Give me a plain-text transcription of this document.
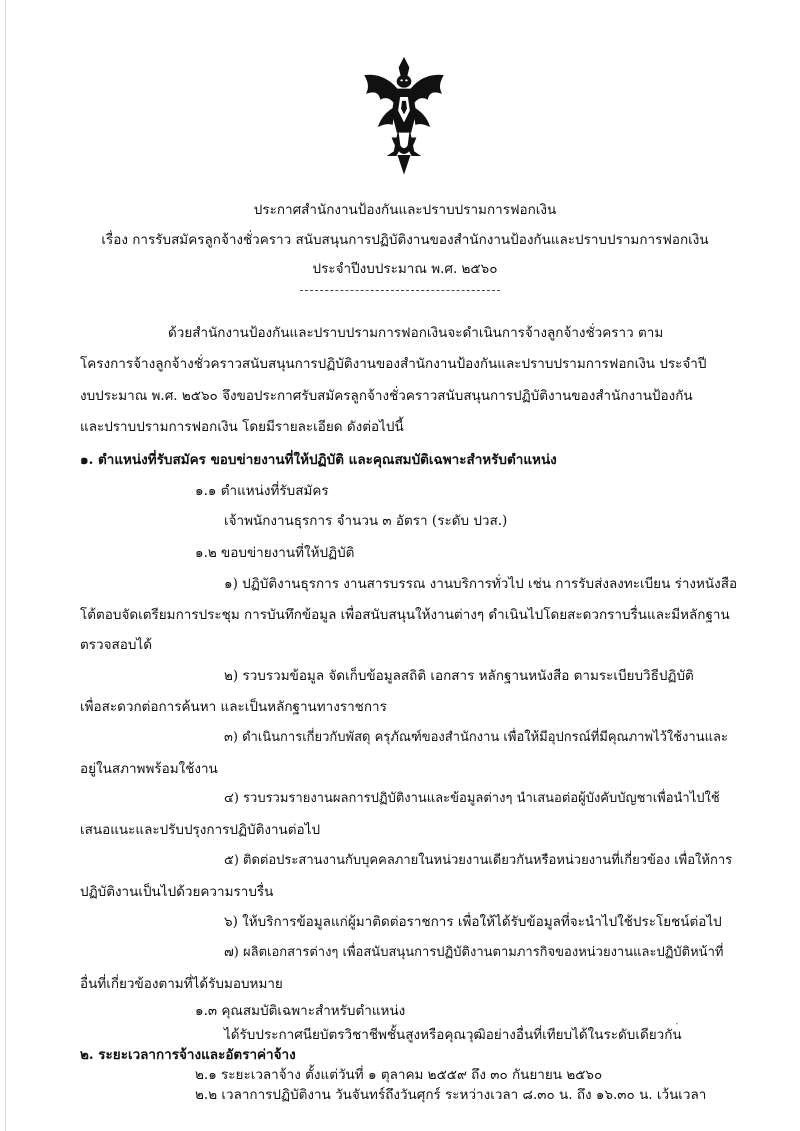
ประกาศสำนักงานป้องกันและปราบปรามการฟอกเงิน
เรื่อง การรับสมัครลูกจ้างชั่วคราว สนับสนุนการปฏิบัติงานของสำนักงานป้องกันและปราบปรามการฟอกเงิน
ประจำปีงบประมาณ พ.ศ. ๒๕๖๐
ด้วยสำนักงานป้องกันและปราบปรามการฟอกเงินจะดำเนินการจ้างลูกจ้างชั่วคราว ตาม
โครงการจ้างลูกจ้างชั่วคราวสนับสนุนการปฏิบัติงานของสำนักงานป้องกันและปราบปรามการฟอกเงิน ประจำปี
งบประมาณ พ.ศ. ๒๕๖๐ จึงขอประกาศรับสมัครลูกจ้างชั่วคราวสนับสนุนการปฏิบัติงานของสำนักงานป้องกัน
และปราบปรามการฟอกเงิน โดยมีรายละเอียด ดังต่อไปนี้
๑. ตำแหน่งที่รับสมัคร ขอบข่ายงานที่ให้ปฏิบัติ และคุณสมบัติเฉพาะสำหรับตำแหน่ง
๑.๑ ตำแหน่งที่รับสมัคร
เจ้าพนักงานธุรการ จำนวน ๓ อัตรา (ระดับ ปวส.)
๑.๒ ขอบข่ายงานที่ให้ปฏิบัติ
๑) ปฏิบัติงานธุรการ งานสารบรรณ งานบริการทั่วไป เช่น การรับส่งลงทะเบียน ร่างหนังสือ
โต้ตอบจัดเตรียมการประชุม การบันทึกข้อมูล เพื่อสนับสนุนให้งานต่างๆ ดำเนินไปโดยสะดวกราบรื่นและมีหลักฐาน
ตรวจสอบได้
๒) รวบรวมข้อมูล จัดเก็บข้อมูลสถิติ เอกสาร หลักฐานหนังสือ ตามระเบียบวิธีปฏิบัติ
เพื่อสะดวกต่อการค้นหา และเป็นหลักฐานทางราชการ
๓) ดำเนินการเกี่ยวกับพัสดุ ครุภัณฑ์ของสำนักงาน เพื่อให้มีอุปกรณ์ที่มีคุณภาพไว้ใช้งานและ
อยู่ในสภาพพร้อมใช้งาน
๔) รวบรวมรายงานผลการปฏิบัติงานและข้อมูลต่างๆ นำเสนอต่อผู้บังคับบัญชาเพื่อนำไปใช้
เสนอแนะและปรับปรุงการปฏิบัติงานต่อไป
๕) ติดต่อประสานงานกับบุคคลภายในหน่วยงานเดียวกันหรือหน่วยงานที่เกี่ยวข้อง เพื่อให้การ
ปฏิบัติงานเป็นไปด้วยความราบรื่น
๖) ให้บริการข้อมูลแก่ผู้มาติดต่อราชการ เพื่อให้ได้รับข้อมูลที่จะนำไปใช้ประโยชน์ต่อไป
๗) ผลิตเอกสารต่างๆ เพื่อสนับสนุนการปฏิบัติงานตามภารกิจของหน่วยงานและปฏิบัติหน้าที่
อื่นที่เกี่ยวข้องตามที่ได้รับมอบหมาย
๑.๓ คุณสมบัติเฉพาะสำหรับตำแหน่ง
ได้รับประกาศนียบัตรวิชาชีพชั้นสูงหรือคุณวุฒิอย่างอื่นที่เทียบได้ในระดับเดียวกัน
๒. ระยะเวลาการจ้างและอัตราค่าจ้าง
๒.๑ ระยะเวลาจ้าง ตั้งแต่วันที่ ๑ ตุลาคม ๒๕๕๙ ถึง ๓๐ กันยายน ๒๕๖๐
๒.๒ เวลาการปฏิบัติงาน วันจันทร์ถึงวันศุกร์ ระหว่างเวลา ๘.๓๐ น. ถึง ๑๖.๓๐ น. เว้นเวลา
·
